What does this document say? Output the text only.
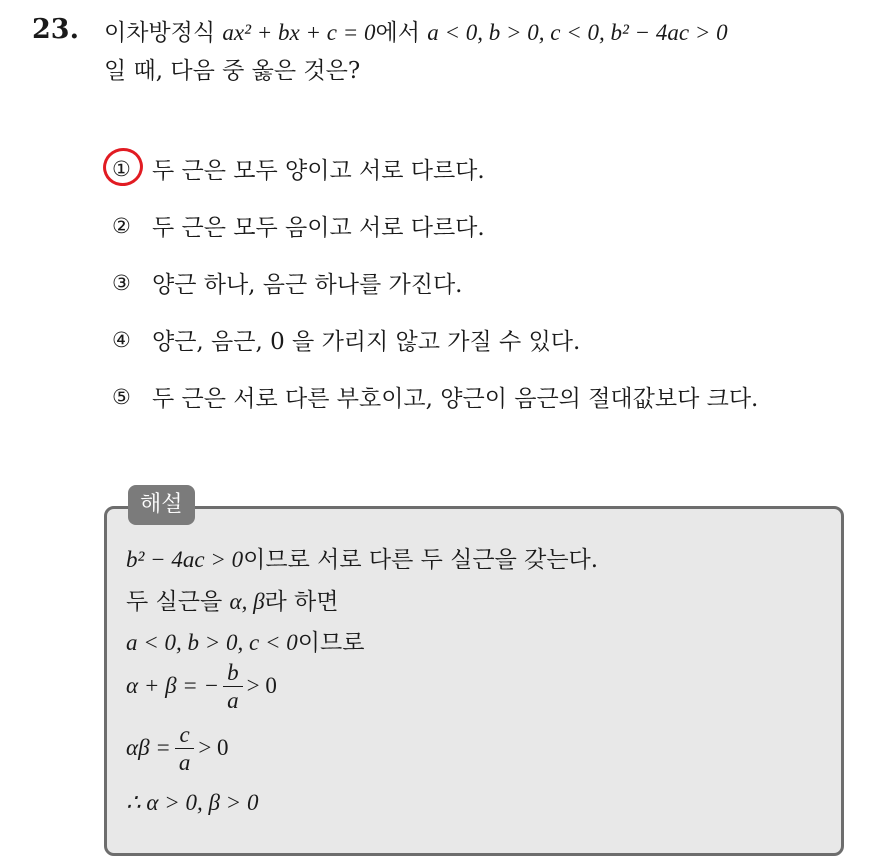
23. 이차방정식 ax² + bx + c = 0에서 a < 0, b > 0, c < 0, b² − 4ac > 0
일 때, 다음 중 옳은 것은?
① 두 근은 모두 양이고 서로 다르다.
② 두 근은 모두 음이고 서로 다르다.
③ 양근 하나, 음근 하나를 가진다.
④ 양근, 음근, 0 을 가리지 않고 가질 수 있다.
⑤ 두 근은 서로 다른 부호이고, 양근이 음근의 절대값보다 크다.
해설
b² − 4ac > 0이므로 서로 다른 두 실근을 갖는다.
두 실근을 α, β라 하면
a < 0, b > 0, c < 0이므로
α + β = − $\frac{b}{a} > 0$
$\alpha\beta = \frac{c}{a} > 0$
∴ α > 0, β > 0
